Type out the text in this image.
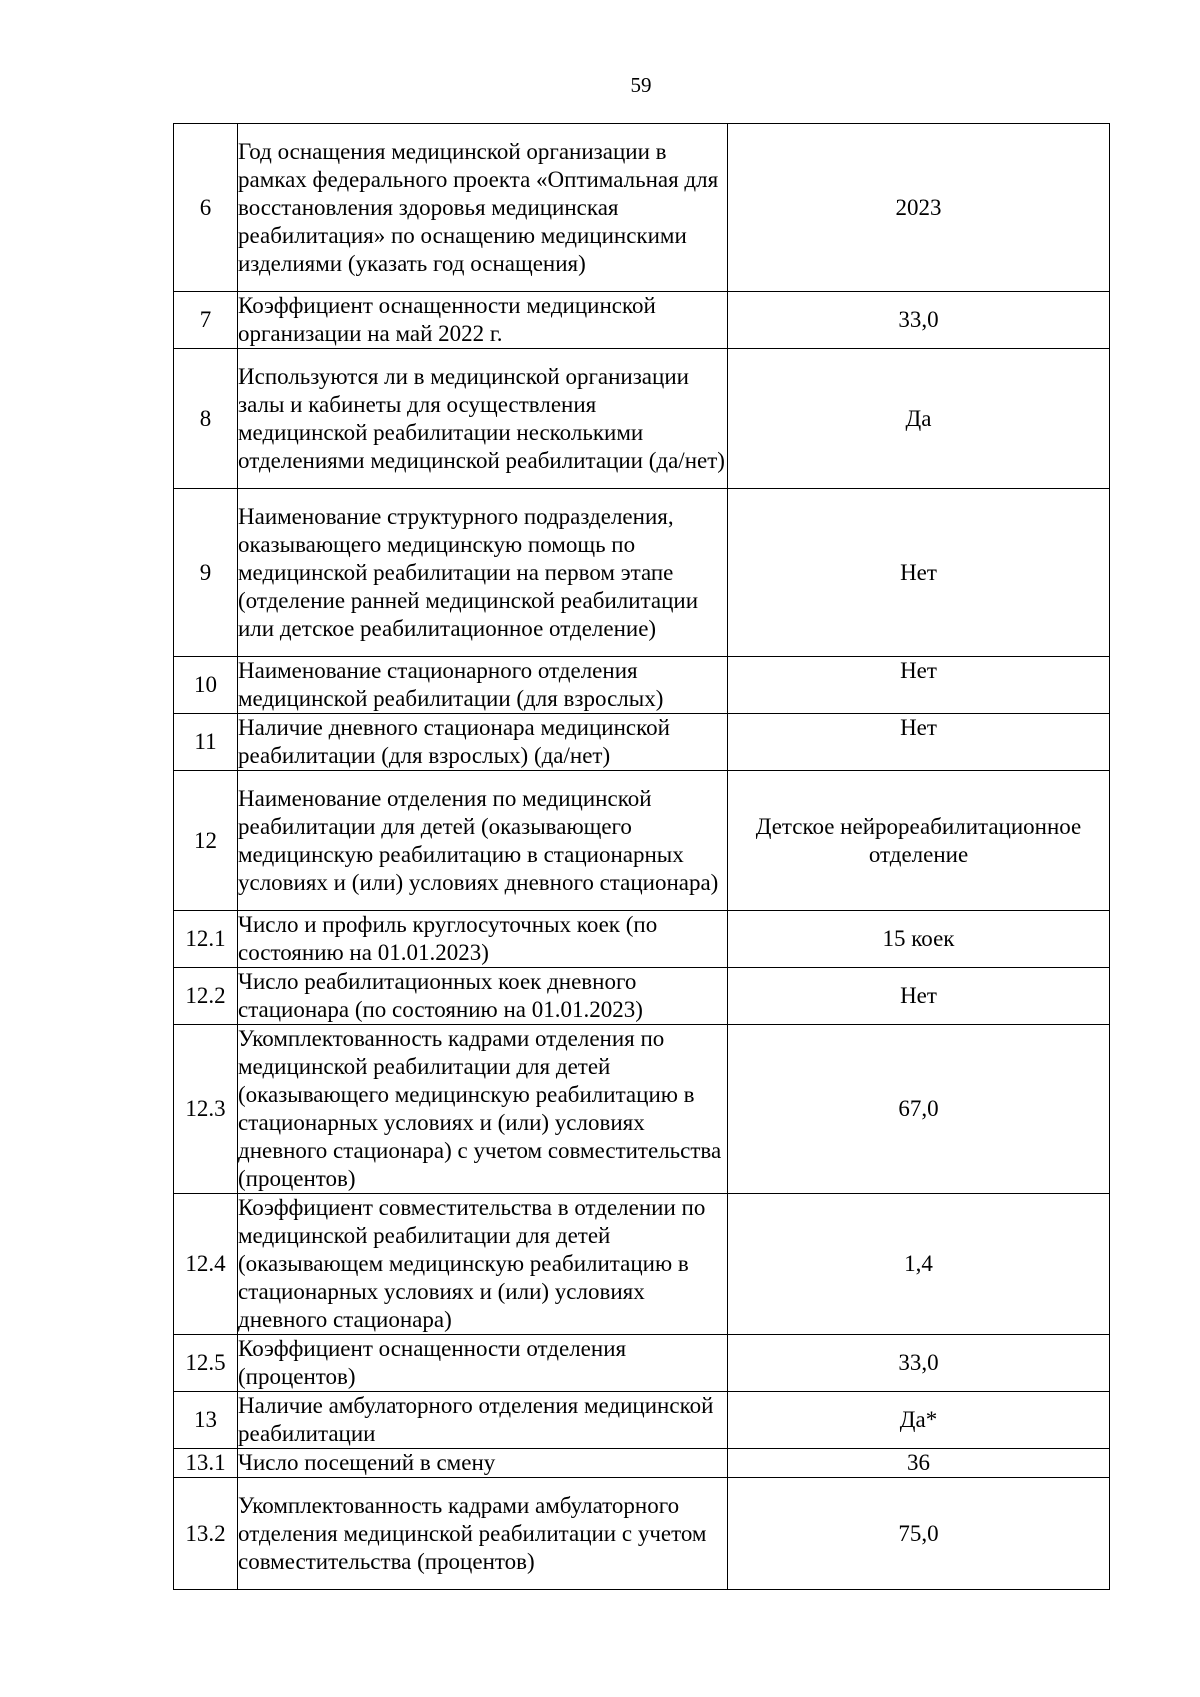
59
6	Год оснащения медицинской организации в рамках федерального проекта «Оптимальная для восстановления здоровья медицинская реабилитация» по оснащению медицинскими изделиями (указать год оснащения)	2023
7	Коэффициент оснащенности медицинской организации на май 2022 г.	33,0
8	Используются ли в медицинской организации залы и кабинеты для осуществления медицинской реабилитации несколькими отделениями медицинской реабилитации (да/нет)	Да
9	Наименование структурного подразделения, оказывающего медицинскую помощь по медицинской реабилитации на первом этапе (отделение ранней медицинской реабилитации или детское реабилитационное отделение)	Нет
10	Наименование стационарного отделения медицинской реабилитации (для взрослых)	Нет
11	Наличие дневного стационара медицинской реабилитации (для взрослых) (да/нет)	Нет
12	Наименование отделения по медицинской реабилитации для детей (оказывающего медицинскую реабилитацию в стационарных условиях и (или) условиях дневного стационара)	Детское нейрореабилитационное отделение
12.1	Число и профиль круглосуточных коек (по состоянию на 01.01.2023)	15 коек
12.2	Число реабилитационных коек дневного стационара (по состоянию на 01.01.2023)	Нет
12.3	Укомплектованность кадрами отделения по медицинской реабилитации для детей (оказывающего медицинскую реабилитацию в стационарных условиях и (или) условиях дневного стационара) с учетом совместительства (процентов)	67,0
12.4	Коэффициент совместительства в отделении по медицинской реабилитации для детей (оказывающем медицинскую реабилитацию в стационарных условиях и (или) условиях дневного стационара)	1,4
12.5	Коэффициент оснащенности отделения (процентов)	33,0
13	Наличие амбулаторного отделения медицинской реабилитации	Да*
13.1	Число посещений в смену	36
13.2	Укомплектованность кадрами амбулаторного отделения медицинской реабилитации с учетом совместительства (процентов)	75,0
